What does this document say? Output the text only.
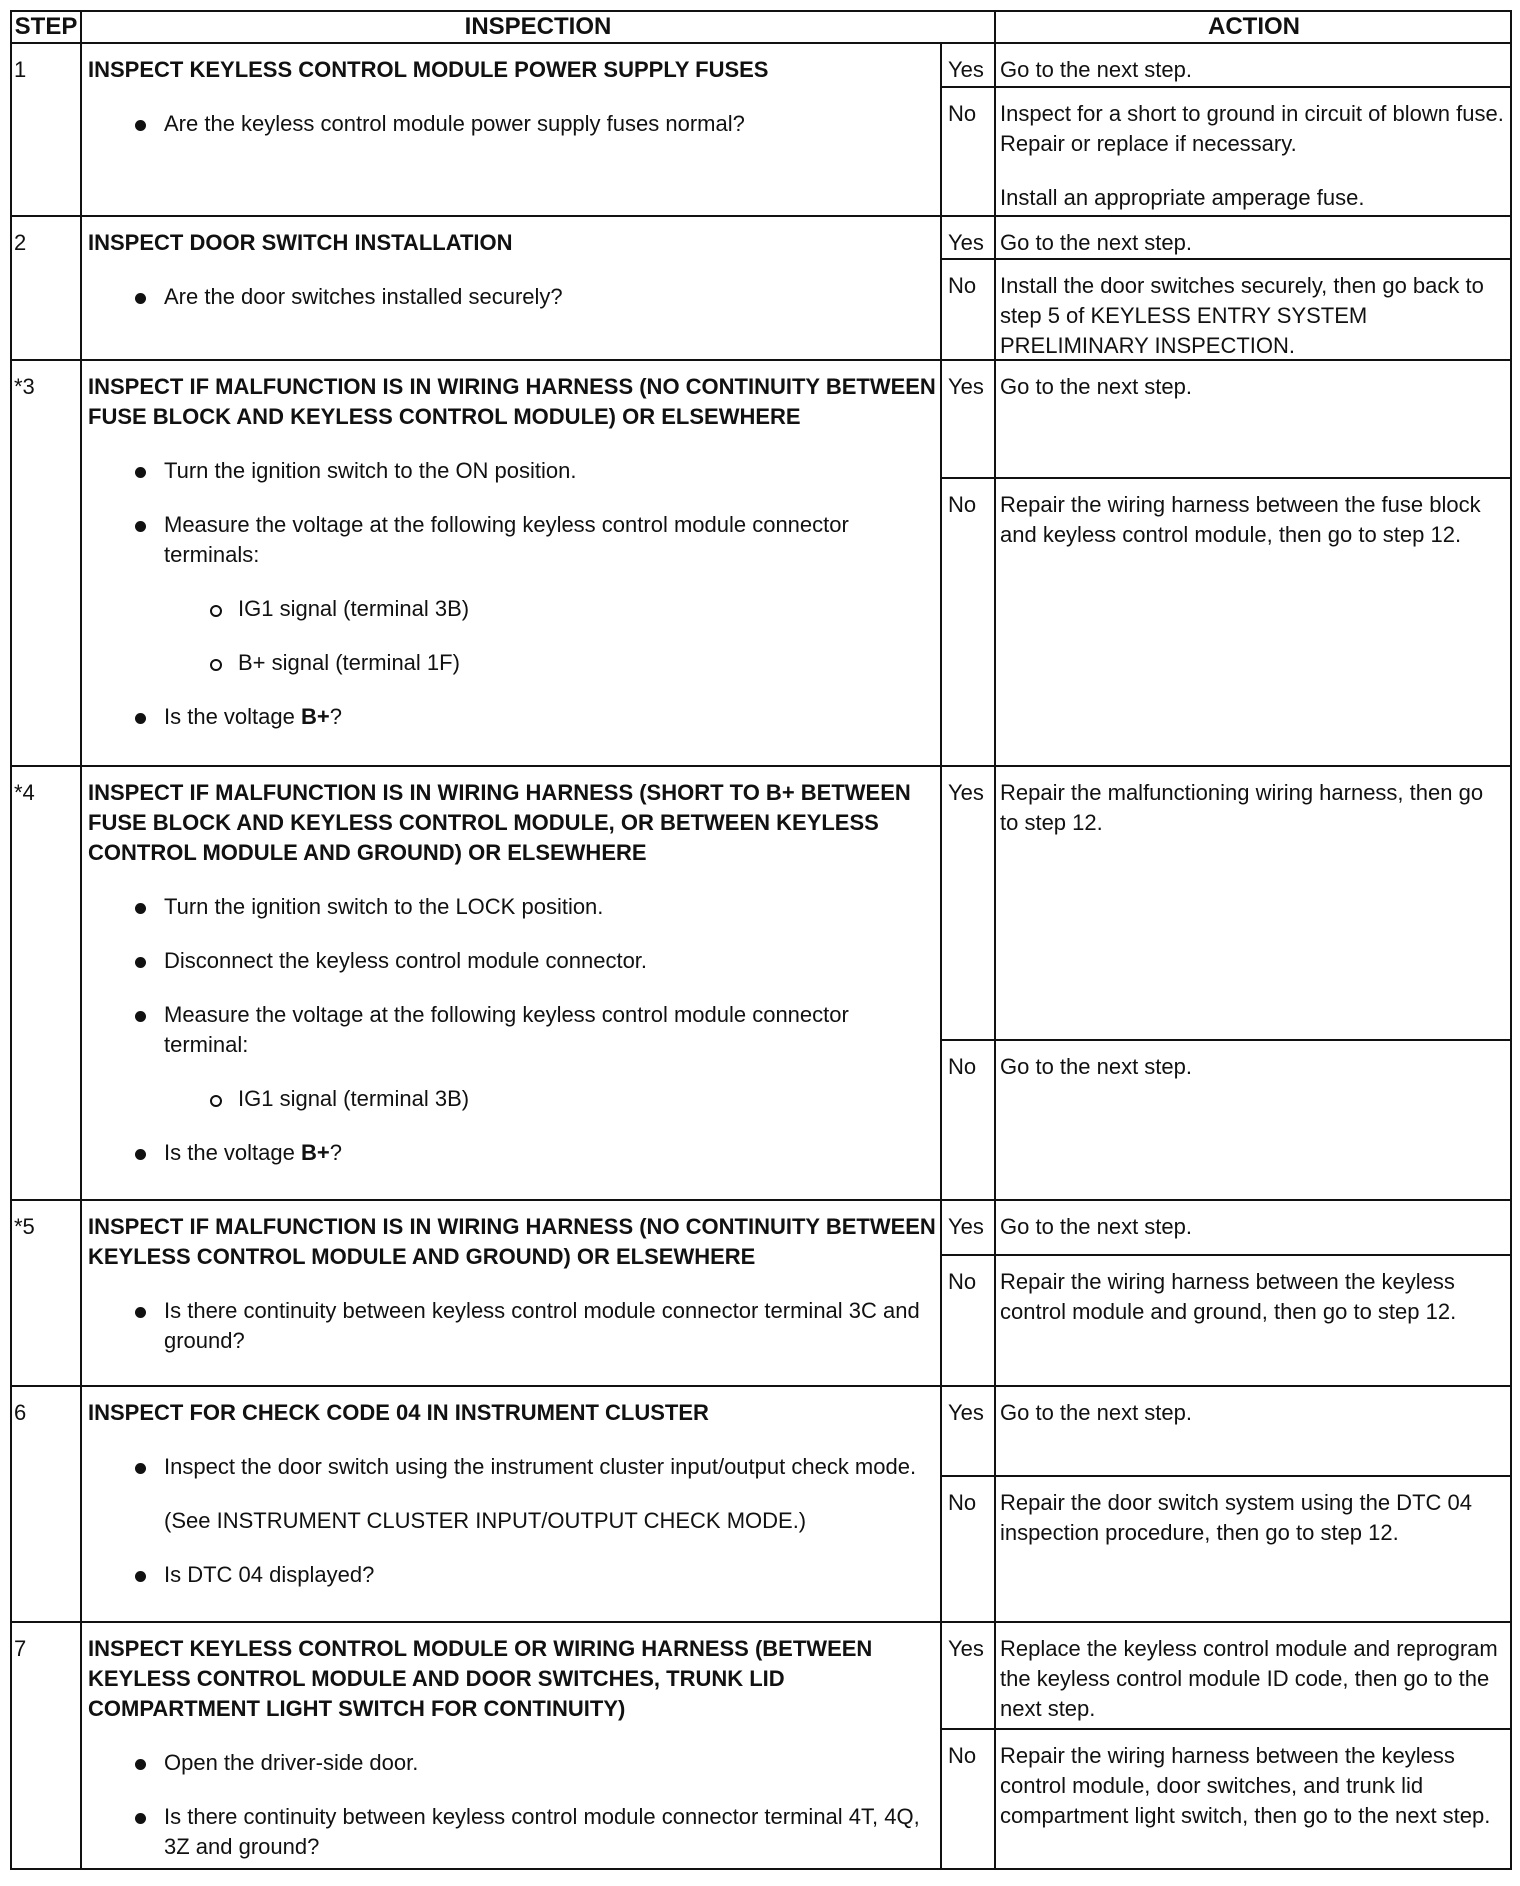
STEP	INSPECTION	ACTION
1	INSPECT KEYLESS CONTROL MODULE POWER SUPPLY FUSES

Are the keyless control module power supply fuses normal?
Yes Go to the next step.

No Inspect for a short to ground in circuit of blown fuse. Repair or replace if necessary.

Install an appropriate amperage fuse.

2	INSPECT DOOR SWITCH INSTALLATION

Are the door switches installed securely?
Yes Go to the next step.

No Install the door switches securely, then go back to step 5 of KEYLESS ENTRY SYSTEM PRELIMINARY INSPECTION.

*3 INSPECT IF MALFUNCTION IS IN WIRING HARNESS (NO CONTINUITY BETWEEN FUSE BLOCK AND KEYLESS CONTROL MODULE) OR ELSEWHERE

Turn the ignition switch to the ON position.
Measure the voltage at the following keyless control module connector terminals:
IG1 signal (terminal 3B)
B+ signal (terminal 1F)
Is the voltage B+?
Yes Go to the next step.

No Repair the wiring harness between the fuse block and keyless control module, then go to step 12.

*4 INSPECT IF MALFUNCTION IS IN WIRING HARNESS (SHORT TO B+ BETWEEN FUSE BLOCK AND KEYLESS CONTROL MODULE, OR BETWEEN KEYLESS CONTROL MODULE AND GROUND) OR ELSEWHERE

Turn the ignition switch to the LOCK position.
Disconnect the keyless control module connector.
Measure the voltage at the following keyless control module connector terminal:
IG1 signal (terminal 3B)
Is the voltage B+?
Yes Repair the malfunctioning wiring harness, then go to step 12.

No Go to the next step.

*5 INSPECT IF MALFUNCTION IS IN WIRING HARNESS (NO CONTINUITY BETWEEN KEYLESS CONTROL MODULE AND GROUND) OR ELSEWHERE

Is there continuity between keyless control module connector terminal 3C and ground?
Yes Go to the next step.

No Repair the wiring harness between the keyless control module and ground, then go to step 12.

6	INSPECT FOR CHECK CODE 04 IN INSTRUMENT CLUSTER

Inspect the door switch using the instrument cluster input/output check mode.
(See INSTRUMENT CLUSTER INPUT/OUTPUT CHECK MODE.)
Is DTC 04 displayed?
Yes Go to the next step.

No Repair the door switch system using the DTC 04 inspection procedure, then go to step 12.

7	INSPECT KEYLESS CONTROL MODULE OR WIRING HARNESS (BETWEEN KEYLESS CONTROL MODULE AND DOOR SWITCHES, TRUNK LID COMPARTMENT LIGHT SWITCH FOR CONTINUITY)

Open the driver-side door.
Is there continuity between keyless control module connector terminal 4T, 4Q, 3Z and ground?
Yes Replace the keyless control module and reprogram the keyless control module ID code, then go to the next step.

No Repair the wiring harness between the keyless control module, door switches, and trunk lid compartment light switch, then go to the next step.
